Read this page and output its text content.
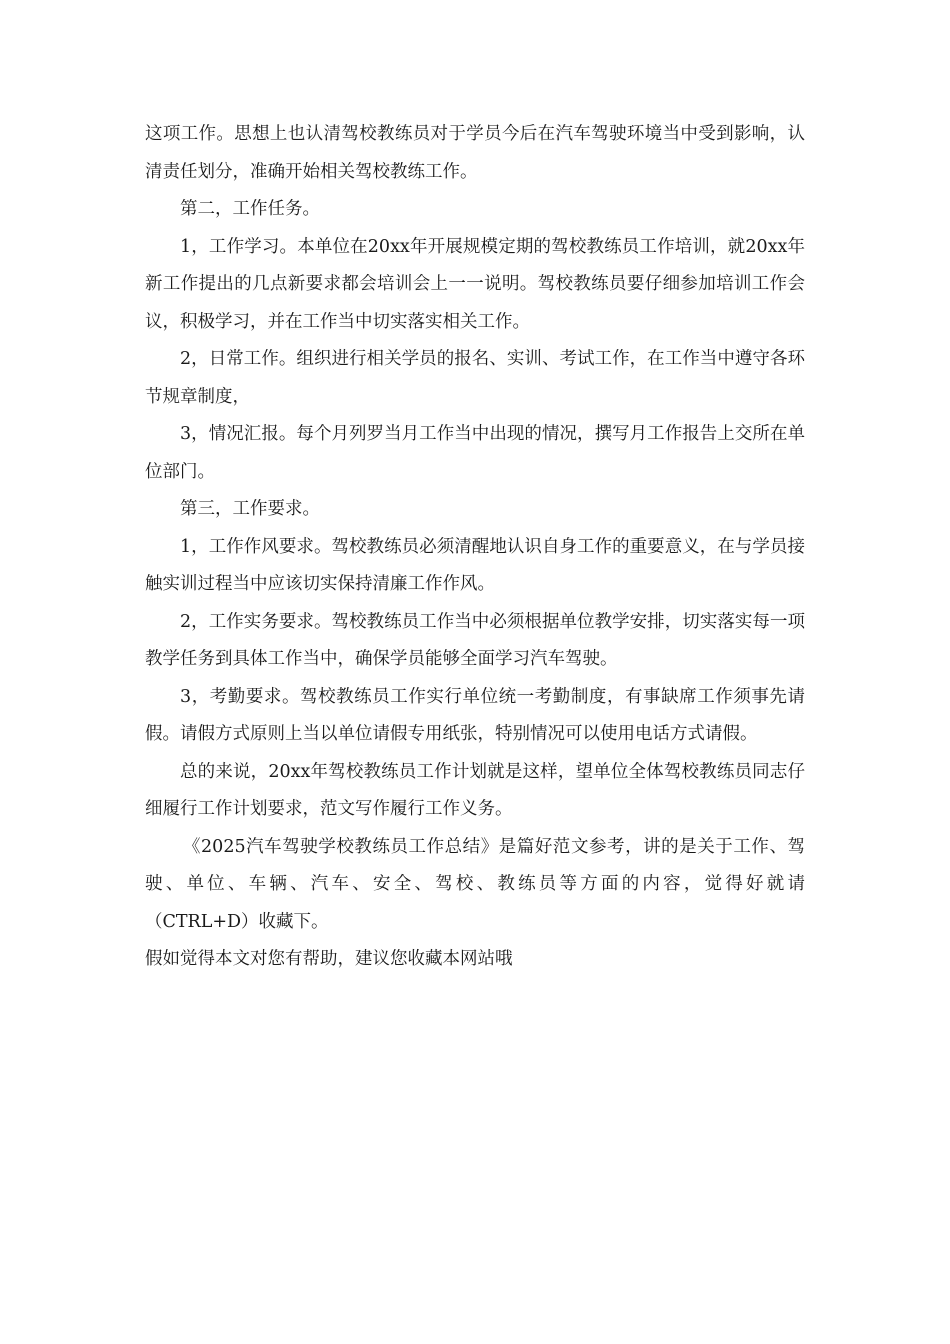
这项工作。思想上也认清驾校教练员对于学员今后在汽车驾驶环境当中受到影响，认清责任划分，准确开始相关驾校教练工作。

第二，工作任务。

1，工作学习。本单位在20xx年开展规模定期的驾校教练员工作培训，就20xx年新工作提出的几点新要求都会培训会上一一说明。驾校教练员要仔细参加培训工作会议，积极学习，并在工作当中切实落实相关工作。

2，日常工作。组织进行相关学员的报名、实训、考试工作，在工作当中遵守各环节规章制度，

3，情况汇报。每个月列罗当月工作当中出现的情况，撰写月工作报告上交所在单位部门。

第三，工作要求。

1，工作作风要求。驾校教练员必须清醒地认识自身工作的重要意义，在与学员接触实训过程当中应该切实保持清廉工作作风。

2，工作实务要求。驾校教练员工作当中必须根据单位教学安排，切实落实每一项教学任务到具体工作当中，确保学员能够全面学习汽车驾驶。

3，考勤要求。驾校教练员工作实行单位统一考勤制度，有事缺席工作须事先请假。请假方式原则上当以单位请假专用纸张，特别情况可以使用电话方式请假。

总的来说，20xx年驾校教练员工作计划就是这样，望单位全体驾校教练员同志仔细履行工作计划要求，范文写作履行工作义务。

《2025汽车驾驶学校教练员工作总结》是篇好范文参考，讲的是关于工作、驾驶、单位、车辆、汽车、安全、驾校、教练员等方面的内容，觉得好就请（CTRL+D）收藏下。

假如觉得本文对您有帮助，建议您收藏本网站哦
